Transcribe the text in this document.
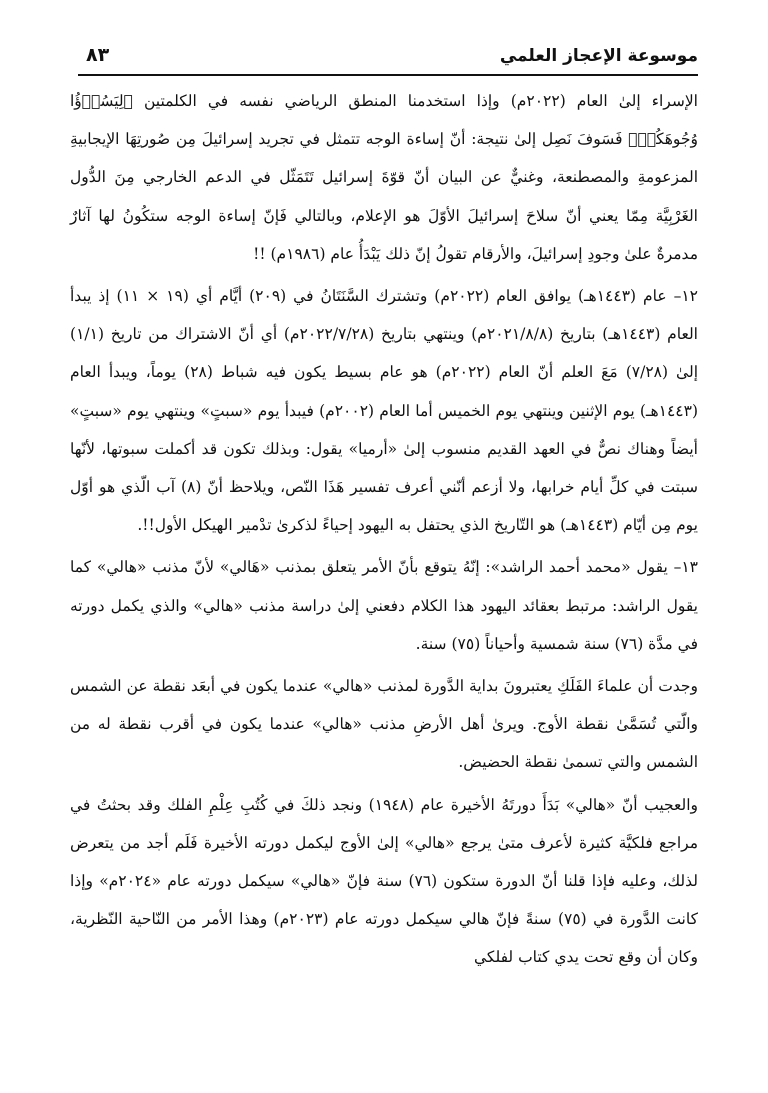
موسوعة الإعجاز العلمي
٨٣

الإسراء إلىٰ العام (٢٠٢٢م) وإذا استخدمنا المنطق الرياضي نفسه في الكلمتين ﴿لِيَسُوۤؤُا وُجُوهَكُمۡ﴾ فَسَوفَ نَصِل إلىٰ نتيجة: أنّ إساءة الوجه تتمثل في تجريد إسرائيلَ مِن صُورتِهَا الإيجابيةِ المزعومةِ والمصطنعة، وغنيٌّ عن البيان أنّ قوّةَ إسرائيل تَتَمَثّل في الدعم الخارجي مِنَ الدُّول الغَرْبِيَّة مِمّا يعني أنّ سلاحَ إسرائيلَ الأوّلَ هو الإعلام، وبالتالي فَإنّ إساءة الوجه ستكُونُ لها آثارٌ مدمرةٌ علىٰ وجودِ إسرائيلَ، والأرقام تقولُ إنّ ذلك يَبْدَأُ عام (١٩٨٦م) !!

١٢– عام (١٤٤٣هـ) يوافق العام (٢٠٢٢م) وتشترك السَّنَتَانُ في (٢٠٩) أيَّام أي (١٩ × ١١) إذ يبدأ العام (١٤٤٣هـ) بتاريخ (٢٠٢١/٨/٨م) وينتهي بتاريخ (٢٠٢٢/٧/٢٨م) أي أنّ الاشتراك من تاريخ (١/١) إلىٰ (٧/٢٨) مَعَ العلم أنّ العام (٢٠٢٢م) هو عام بسيط يكون فيه شباط (٢٨) يوماً، ويبدأ العام (١٤٤٣هـ) يوم الإثنين وينتهي يوم الخميس أما العام (٢٠٠٢م) فيبدأ يوم «سبتٍ» وينتهي يوم «سبتٍ» أيضاً وهناك نصٌّ في العهد القديم منسوب إلىٰ «أرميا» يقول: وبذلك تكون قد أكملت سبوتها، لأنّها سبتت في كلِّ أيام خرابها، ولا أزعم أنّني أعرف تفسير هَذَا النّص، ويلاحظ أنّ (٨) آب الّذي هو أوّل يوم مِن أيّام (١٤٤٣هـ) هو التّاريخ الذي يحتفل به اليهود إحياءً لذكرىٰ تدْمير الهيكل الأول!!.

١٣– يقول «محمد أحمد الراشد»: إنّهُ يتوقع بأنّ الأمر يتعلق بمذنب «هَالي» لأنّ مذنب «هالي» كما يقول الراشد: مرتبط بعقائد اليهود هذا الكلام دفعني إلىٰ دراسة مذنب «هالي» والذي يكمل دورته في مدَّة (٧٦) سنة شمسية وأحياناً (٧٥) سنة.

وجدت أن علماءَ الفَلَكِ يعتبرونَ بداية الدَّورة لمذنب «هالي» عندما يكون في أبعَد نقطة عن الشمس والّتي تُسَمَّىٰ نقطة الأوج. ويرىٰ أهل الأرضِ مذنب «هالي» عندما يكون في أقرب نقطة له من الشمس والتي تسمىٰ نقطة الحضيض.

والعجيب أنّ «هالي» بَدَأَ دورتَهُ الأخيرة عام (١٩٤٨) ونجد ذلكَ في كُتُبِ عِلْمِ الفلك وقد بحثتُ في مراجع فلكيَّة كثيرة لأعرف متىٰ يرجع «هالي» إلىٰ الأوج ليكمل دورته الأخيرة فَلَم أجد من يتعرض لذلك، وعليه فإذا قلنا أنّ الدورة ستكون (٧٦) سنة فإنّ «هالي» سيكمل دورته عام «٢٠٢٤م» وإذا كانت الدَّورة في (٧٥) سنةً فإنّ هالي سيكمل دورته عام (٢٠٢٣م) وهذا الأمر من النّاحية النّظرية، وكان أن وقع تحت يدي كتاب لفلكي
